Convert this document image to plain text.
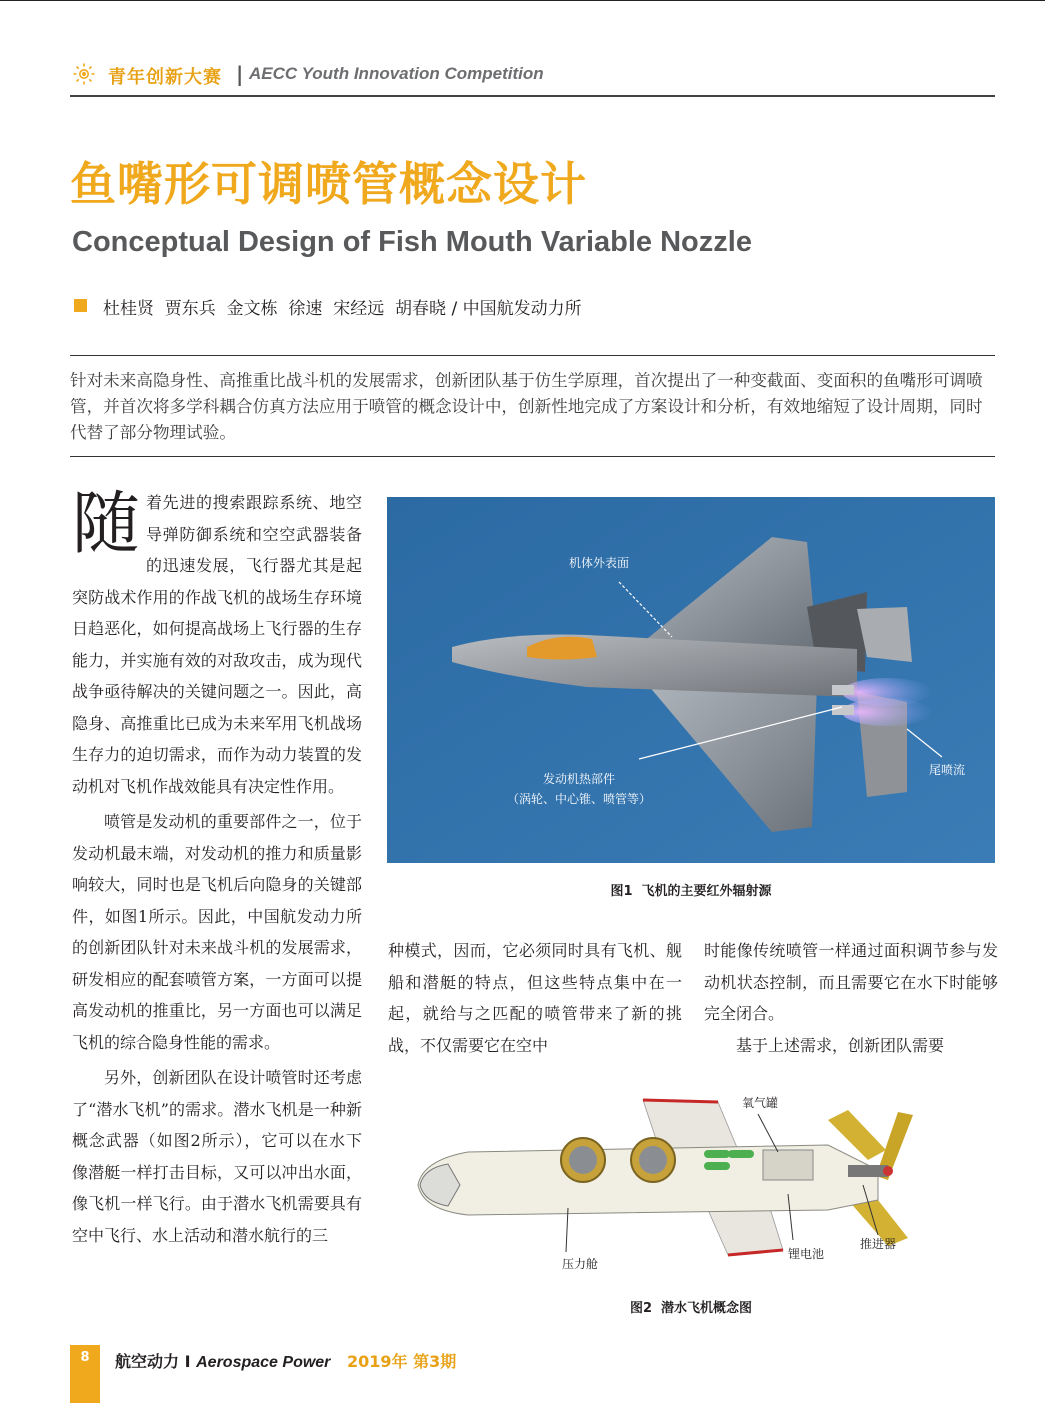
青年创新大赛 | AECC Youth Innovation Competition
鱼嘴形可调喷管概念设计
Conceptual Design of Fish Mouth Variable Nozzle
杜桂贤  贾东兵  金文栋  徐速  宋经远  胡春晓 / 中国航发动力所
针对未来高隐身性、高推重比战斗机的发展需求，创新团队基于仿生学原理，首次提出了一种变截面、变面积的鱼嘴形可调喷管，并首次将多学科耦合仿真方法应用于喷管的概念设计中，创新性地完成了方案设计和分析，有效地缩短了设计周期，同时代替了部分物理试验。

随着先进的搜索跟踪系统、地空导弹防御系统和空空武器装备的迅速发展，飞行器尤其是起突防战术作用的作战飞机的战场生存环境日趋恶化，如何提高战场上飞行器的生存能力，并实施有效的对敌攻击，成为现代战争亟待解决的关键问题之一。因此，高隐身、高推重比已成为未来军用飞机战场生存力的迫切需求，而作为动力装置的发动机对飞机作战效能具有决定性作用。

喷管是发动机的重要部件之一，位于发动机最末端，对发动机的推力和质量影响较大，同时也是飞机后向隐身的关键部件，如图1所示。因此，中国航发动力所的创新团队针对未来战斗机的发展需求，研发相应的配套喷管方案，一方面可以提高发动机的推重比，另一方面也可以满足飞机的综合隐身性能的需求。

另外，创新团队在设计喷管时还考虑了“潜水飞机”的需求。潜水飞机是一种新概念武器（如图2所示），它可以在水下像潜艇一样打击目标，又可以冲出水面，像飞机一样飞行。由于潜水飞机需要具有空中飞行、水上活动和潜水航行的三

机体外表面
发动机热部件
（涡轮、中心锥、喷管等）
尾喷流
图1  飞机的主要红外辐射源
种模式，因而，它必须同时具有飞机、舰船和潜艇的特点，但这些特点集中在一起，就给与之匹配的喷管带来了新的挑战，不仅需要它在空中

时能像传统喷管一样通过面积调节参与发动机状态控制，而且需要它在水下时能够完全闭合。

基于上述需求，创新团队需要

氧气罐
压力舱
锂电池
推进器
图2  潜水飞机概念图
8	航空动力 I Aerospace Power 2019年 第3期
